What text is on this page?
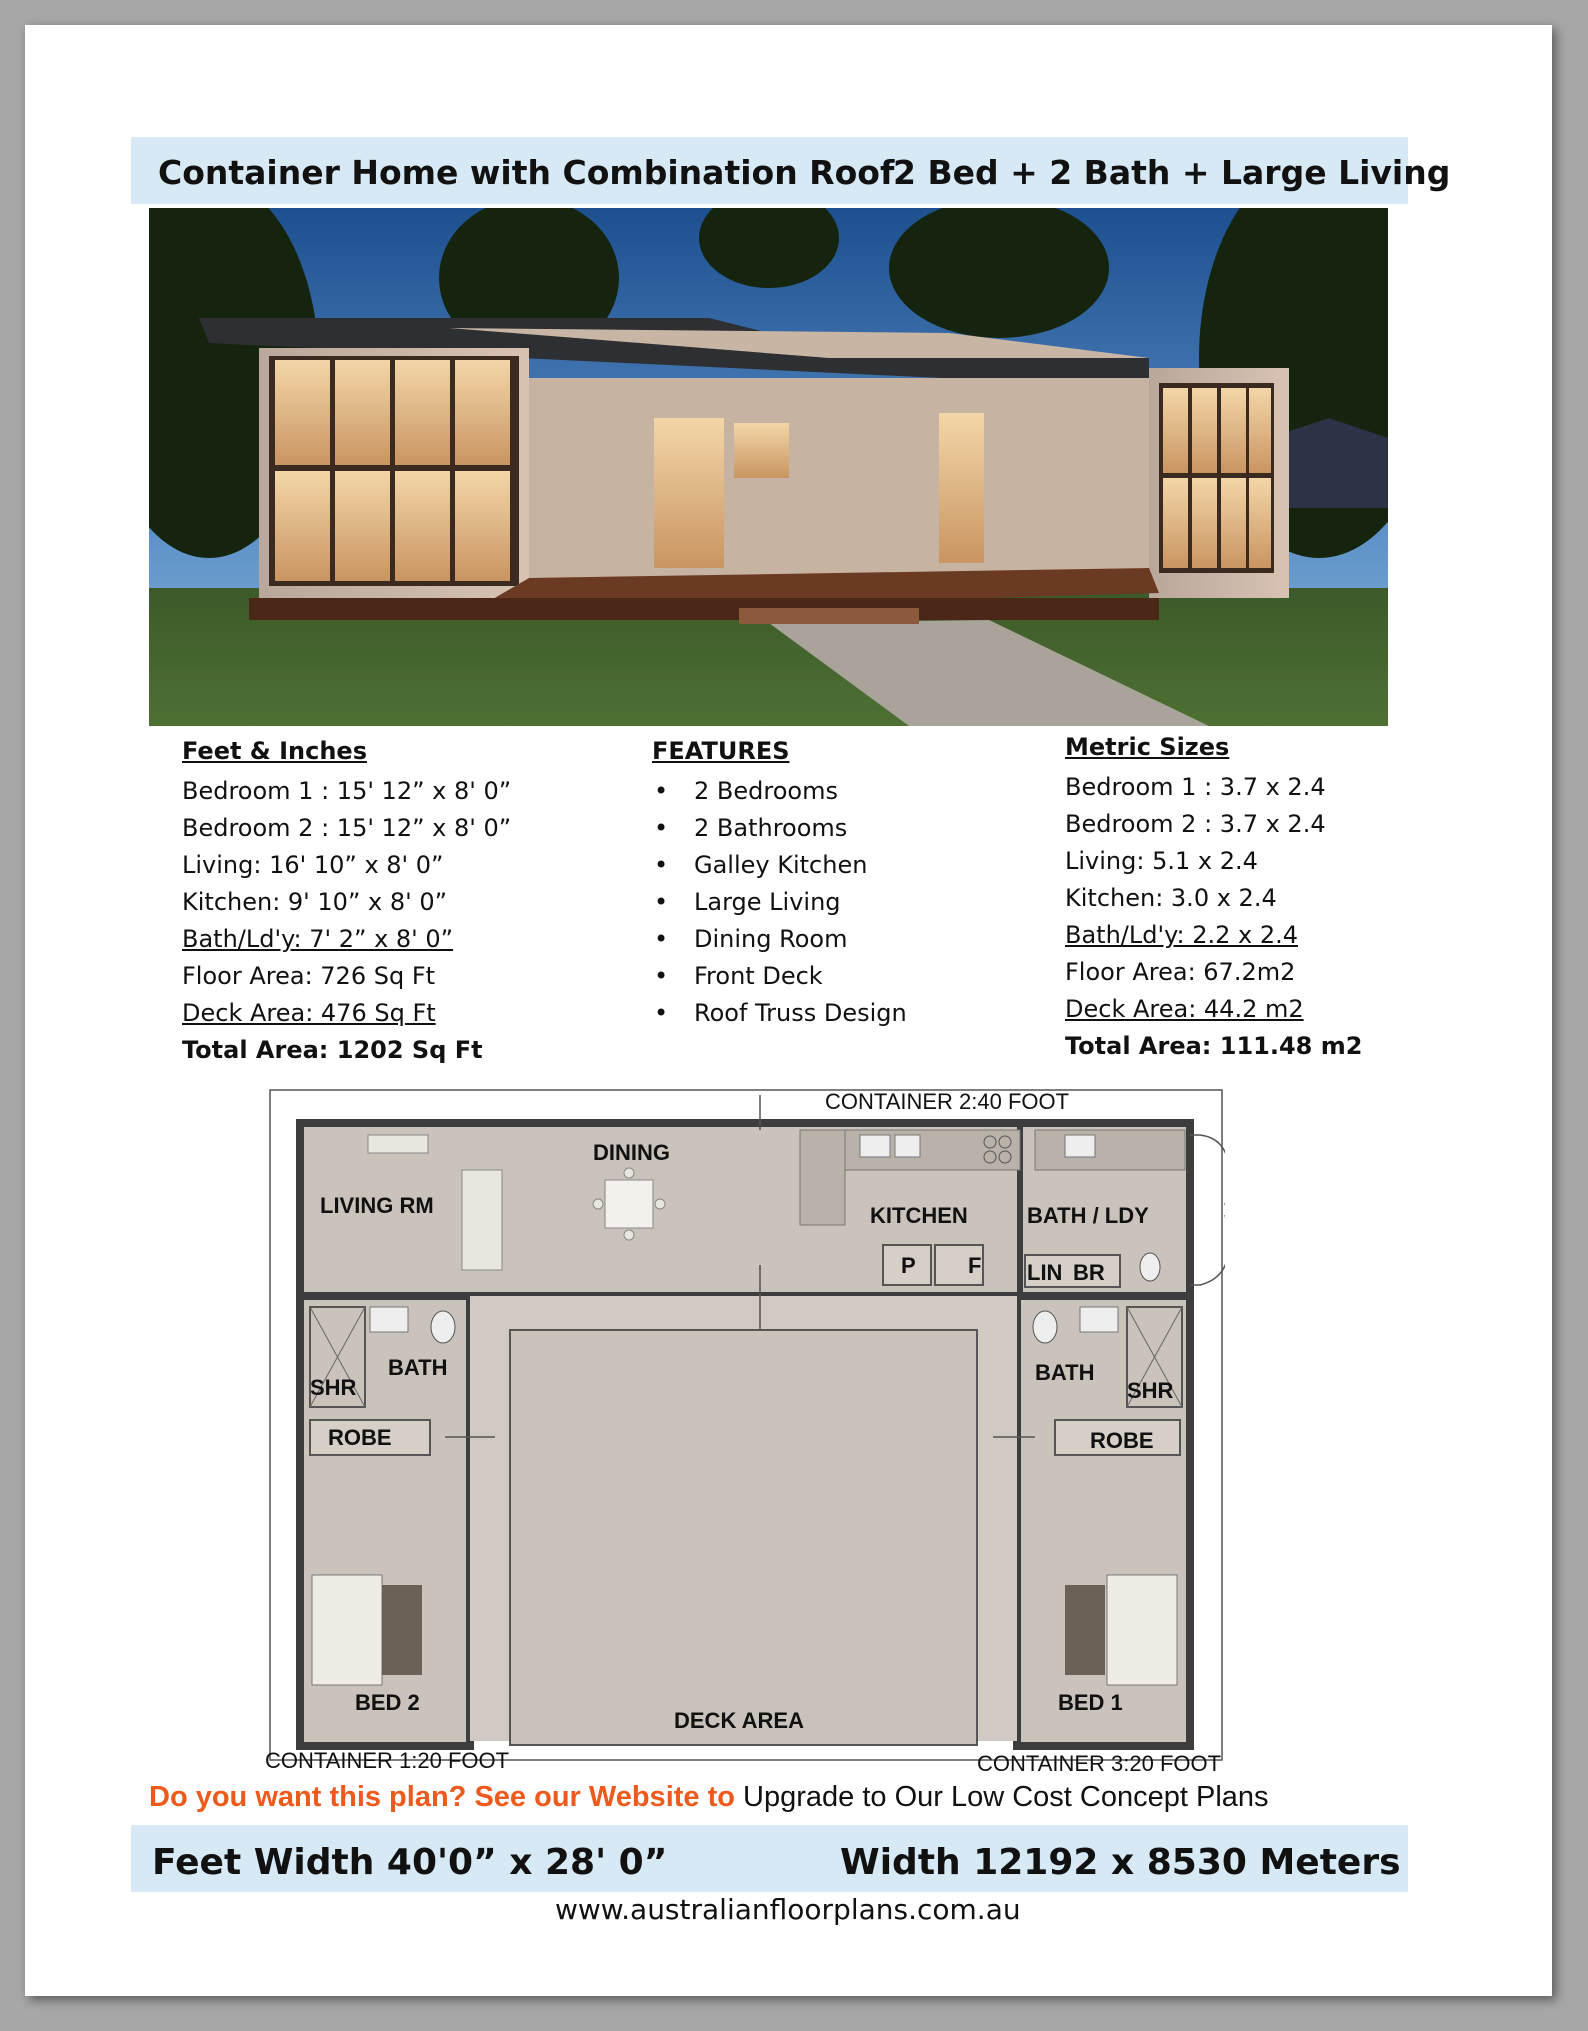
Container Home with Combination Roof
2 Bed + 2 Bath + Large Living
Feet & Inches
Bedroom 1 : 15' 12” x 8' 0”
Bedroom 2 : 15' 12” x 8' 0”
Living: 16' 10” x 8' 0”
Kitchen: 9' 10” x 8' 0”
Bath/Ld'y: 7' 2” x 8' 0”
Floor Area: 726 Sq Ft
Deck Area: 476 Sq Ft
Total Area: 1202 Sq Ft
FEATURES
• 2 Bedrooms
• 2 Bathrooms
• Galley Kitchen
• Large Living
• Dining Room
• Front Deck
• Roof Truss Design
Metric Sizes
Bedroom 1 : 3.7 x 2.4
Bedroom 2 : 3.7 x 2.4
Living: 5.1 x 2.4
Kitchen: 3.0 x 2.4
Bath/Ld'y: 2.2 x 2.4
Floor Area: 67.2m2
Deck Area: 44.2 m2
Total Area: 111.48 m2
CONTAINER 2:40 FOOT
LIVING RM
DINING
KITCHEN	BATH / LDY
P F LIN BR
BATH
SHR
ROBE
BED 2
BATH
SHR
ROBE
BED 1
DECK AREA
CONTAINER 1:20 FOOT	CONTAINER 3:20 FOOT
Do you want this plan? See our Website to Upgrade to Our Low Cost Concept Plans
Feet Width 40'0” x 28' 0”	Width 12192 x 8530 Meters
www.australianfloorplans.com.au
